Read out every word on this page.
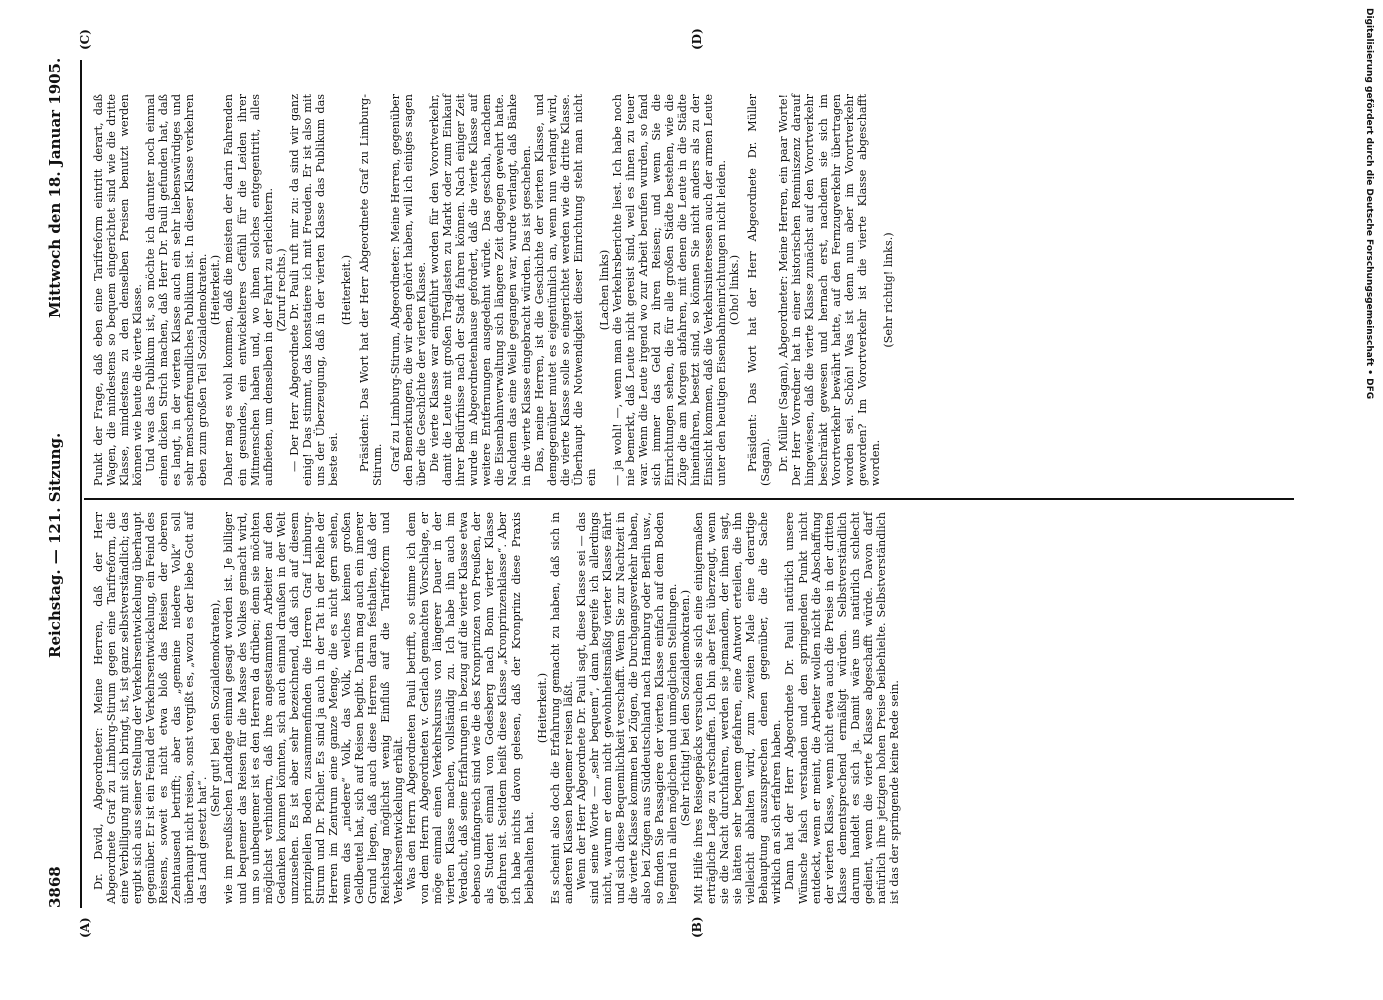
3868
Reichstag. — 121. Sitzung.
Mittwoch den 18. Januar 1905.
(A)	(B)
(C)	(D)

Dr. David, Abgeordneter: Meine Herren, daß der Herr Abgeordnete Graf zu Limburg-Stirum gegen eine Tarifreform, die eine Verbilligung mit sich bringt, ist, ist ganz selbstverständlich; das ergibt sich aus seiner Stellung der Verkehrsentwickelung überhaupt gegenüber. Er ist ein Feind der Verkehrsentwickelung, ein Feind des Reisens, soweit es nicht etwa bloß das Reisen der oberen Zehntausend betrifft; aber das „gemeine niedere Volk“ soll überhaupt nicht reisen, sonst vergißt es, „wozu es der liebe Gott auf das Land gesetzt hat“.

(Sehr gut! bei den Sozialdemokraten), wie im preußischen Landtage einmal gesagt worden ist. Je billiger und bequemer das Reisen für die Masse des Volkes gemacht wird, um so unbequemer ist es den Herren da drüben; denn sie möchten möglichst verhindern, daß ihre angestammten Arbeiter auf den Gedanken kommen könnten, sich auch einmal draußen in der Welt umzusehen. Es ist aber sehr bezeichnend, daß sich auf diesem prinzipiellen Boden zusammenfinden die Herren Graf Limburg-Stirum und Dr. Pichler. Es sind ja auch in der Tat in der Reihe der Herren im Zentrum eine ganze Menge, die es nicht gern sehen, wenn das „niedere“ Volk, das Volk, welches keinen großen Geldbeutel hat, sich auf Reisen begibt. Darin mag auch ein innerer Grund liegen, daß auch diese Herren daran festhalten, daß der Reichstag möglichst wenig Einfluß auf die Tarifreform und Verkehrsentwickelung erhält. Was den Herrn Abgeordneten Pauli betrifft, so stimme ich dem von dem Herrn Abgeordneten v. Gerlach gemachten Vorschlage, er möge einmal einen Verkehrskursus von längerer Dauer in der vierten Klasse machen, vollständig zu. Ich habe ihn auch im Verdacht, daß seine Erfahrungen in bezug auf die vierte Klasse etwa ebenso umfangreich sind wie die des Kronprinzen von Preußen, der als Student einmal von Godesberg nach Bonn vierter Klasse gefahren ist. Seitdem heißt diese Klasse „Kronprinzenklasse“. Aber ich habe nichts davon gelesen, daß der Kronprinz diese Praxis beibehalten hat.

(Heiterkeit.) Es scheint also doch die Erfahrung gemacht zu haben, daß sich in anderen Klassen bequemer reisen läßt. Wenn der Herr Abgeordnete Dr. Pauli sagt, diese Klasse sei — das sind seine Worte — „sehr bequem“, dann begreife ich allerdings nicht, warum er denn nicht gewohnheitsmäßig vierter Klasse fährt und sich diese Bequemlichkeit verschafft. Wenn Sie zur Nachtzeit in die vierte Klasse kommen bei Zügen, die Durchgangsverkehr haben, also bei Zügen aus Süddeutschland nach Hamburg oder Berlin usw., so finden Sie Passagiere der vierten Klasse einfach auf dem Boden liegend in allen möglichen und unmöglichen Stellungen. (Sehr richtig! bei den Sozialdemokraten.) Mit Hilfe ihres Reisegepäcks versuchen sie sich eine einigermaßen erträgliche Lage zu verschaffen. Ich bin aber fest überzeugt, wenn sie die Nacht durchfahren, werden sie jemandem, der ihnen sagt, sie hätten sehr bequem gefahren, eine Antwort erteilen, die ihn vielleicht abhalten wird, zum zweiten Male eine derartige Behauptung auszusprechen denen gegenüber, die die Sache wirklich an sich erfahren haben. Dann hat der Herr Abgeordnete Dr. Pauli natürlich unsere Wünsche falsch verstanden und den springenden Punkt nicht entdeckt, wenn er meint, die Arbeiter wollen nicht die Abschaffung der vierten Klasse, wenn nicht etwa auch die Preise in der dritten Klasse dementsprechend ermäßigt würden. Selbstverständlich darum handelt es sich ja. Damit wäre uns natürlich schlecht gedient, wenn die vierte Klasse abgeschafft würde. Davon darf natürlich ihre jetzigen hohen Preise beibehielte. Selbstverständlich ist das der springende keine Rede sein.

Punkt der Frage, daß eben eine Tarifreform eintritt derart, daß Wagen, die mindestens so bequem eingerichtet sind wie die dritte Klasse, mindestens zu den denselben Preisen benutzt werden können wie heute die vierte Klasse. Und was das Publikum ist, so möchte ich darunter noch einmal einen dicken Strich machen, daß Herr Dr. Pauli gefunden hat, daß es langt, in der vierten Klasse auch ein sehr liebenswürdiges und sehr menschenfreundliches Publikum ist. In dieser Klasse verkehren eben zum großen Teil Sozialdemokraten. (Heiterkeit.) Daher mag es wohl kommen, daß die meisten der darin Fahrenden ein gesundes, ein entwickelteres Gefühl für die Leiden ihrer Mitmenschen haben und, wo ihnen solches entgegentritt, alles aufbieten, um denselben in der Fahrt zu erleichtern. (Zuruf rechts.) — Der Herr Abgeordnete Dr. Pauli ruft mir zu: da sind wir ganz einig! Das stimmt, das konstatiere ich mit Freuden. Er ist also mit uns der Überzeugung, daß in der vierten Klasse das Publikum das beste sei.

(Heiterkeit.) Präsident: Das Wort hat der Herr Abgeordnete Graf zu Limburg-Stirum. Graf zu Limburg-Stirum, Abgeordneter: Meine Herren, gegenüber den Bemerkungen, die wir eben gehört haben, will ich einiges sagen über die Geschichte der vierten Klasse. Die vierte Klasse war eingeführt worden für den Vorortverkehr, damit die Leute mit großen Traglasten zu Markt oder zum Einkauf ihrer Bedürfnisse nach der Stadt fahren können. Nach einiger Zeit wurde im Abgeordnetenhause gefordert, daß die vierte Klasse auf weitere Entfernungen ausgedehnt würde. Das geschah, nachdem die Eisenbahnverwaltung sich längere Zeit dagegen gewehrt hatte. Nachdem das eine Weile gegangen war, wurde verlangt, daß Bänke in die vierte Klasse eingebracht würden. Das ist geschehen. Das, meine Herren, ist die Geschichte der vierten Klasse, und demgegenüber mutet es eigentümlich an, wenn nun verlangt wird, die vierte Klasse solle so eingerichtet werden wie die dritte Klasse. Überhaupt die Notwendigkeit dieser Einrichtung steht man nicht ein

(Lachen links) — ja wohl! —, wenn man die Verkehrsberichte liest. Ich habe noch nie bemerkt, daß Leute nicht gereist sind, weil es ihnen zu teuer war. Wenn die Leute irgend wo zur Arbeit berufen wurden, so fand sich immer das Geld zu ihren Reisen; und wenn Sie die Einrichtungen sehen, die für alle großen Städte bestehen, wie die Züge die am Morgen abfahren, mit denen die Leute in die Städte hineinfahren, besetzt sind, so können Sie nicht anders als zu der Einsicht kommen, daß die Verkehrsinteressen auch der armen Leute unter den heutigen Eisenbahneinrichtungen nicht leiden. (Oho! links.) Präsident: Das Wort hat der Herr Abgeordnete Dr. Müller (Sagan). Dr. Müller (Sagan), Abgeordneter: Meine Herren, ein paar Worte! Der Herr Vorredner hat in einer historischen Reminiszenz darauf hingewiesen, daß die vierte Klasse zunächst auf den Vorortverkehr beschränkt gewesen und hernach erst, nachdem sie sich im Vorortverkehr bewährt hatte, auf den Fernzugverkehr übertragen worden sei. Schön! Was ist denn nun aber im Vorortverkehr geworden? Im Vorortverkehr ist die vierte Klasse abgeschafft worden.

(Sehr richtig! links.)	Digitalisierung gefördert durch die Deutsche Forschungsgemeinschaft • DFG
